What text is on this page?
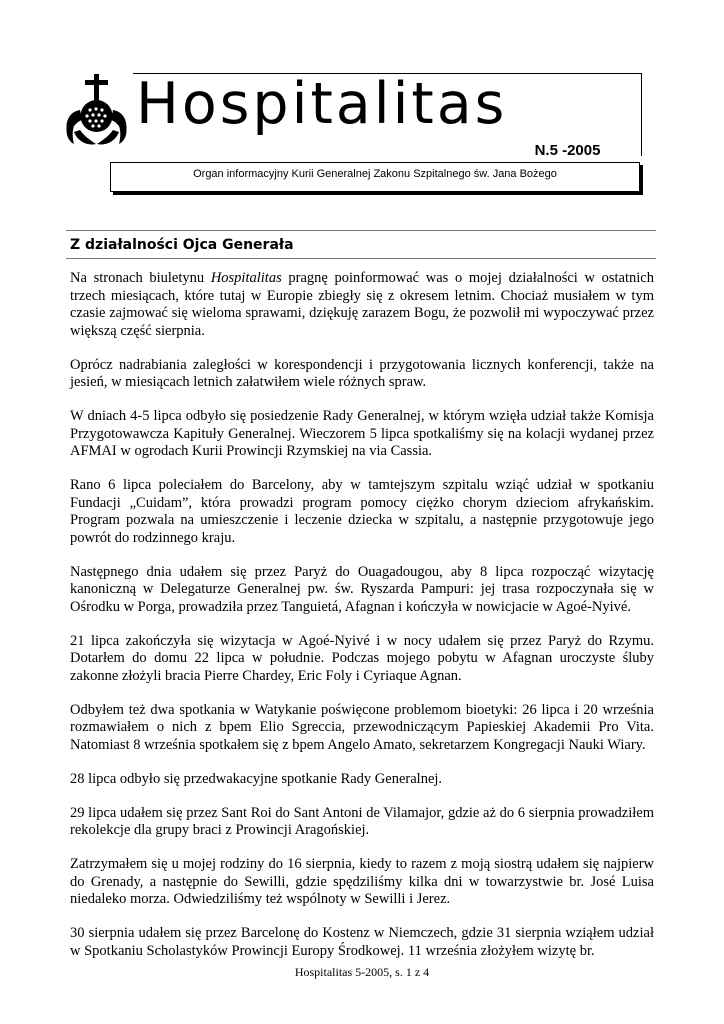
Hospitalitas
N.5 -2005
Organ informacyjny Kurii Generalnej Zakonu Szpitalnego św. Jana Bożego
Z działalności Ojca Generała

Na stronach biuletynu Hospitalitas pragnę poinformować was o mojej działalności w ostatnich trzech miesiącach, które tutaj w Europie zbiegły się z okresem letnim. Chociaż musiałem w tym czasie zajmować się wieloma sprawami, dziękuję zarazem Bogu, że pozwolił mi wypoczywać przez większą część sierpnia.

Oprócz nadrabiania zaległości w korespondencji i przygotowania licznych konferencji, także na jesień, w miesiącach letnich załatwiłem wiele różnych spraw.

W dniach 4-5 lipca odbyło się posiedzenie Rady Generalnej, w którym wzięła udział także Komisja Przygotowawcza Kapituły Generalnej. Wieczorem 5 lipca spotkaliśmy się na kolacji wydanej przez AFMAI w ogrodach Kurii Prowincji Rzymskiej na via Cassia.

Rano 6 lipca poleciałem do Barcelony, aby w tamtejszym szpitalu wziąć udział w spotkaniu Fundacji „Cuidam”, która prowadzi program pomocy ciężko chorym dzieciom afrykańskim. Program pozwala na umieszczenie i leczenie dziecka w szpitalu, a następnie przygotowuje jego powrót do rodzinnego kraju.

Następnego dnia udałem się przez Paryż do Ouagadougou, aby 8 lipca rozpocząć wizytację kanoniczną w Delegaturze Generalnej pw. św. Ryszarda Pampuri: jej trasa rozpoczynała się w Ośrodku w Porga, prowadziła przez Tanguietá, Afagnan i kończyła w nowicjacie w Agoé-Nyivé.

21 lipca zakończyła się wizytacja w Agoé-Nyivé i w nocy udałem się przez Paryż do Rzymu. Dotarłem do domu 22 lipca w południe. Podczas mojego pobytu w Afagnan uroczyste śluby zakonne złożyli bracia Pierre Chardey, Eric Foly i Cyriaque Agnan.

Odbyłem też dwa spotkania w Watykanie poświęcone problemom bioetyki: 26 lipca i 20 września rozmawiałem o nich z bpem Elio Sgreccia, przewodniczącym Papieskiej Akademii Pro Vita. Natomiast 8 września spotkałem się z bpem Angelo Amato, sekretarzem Kongregacji Nauki Wiary.

28 lipca odbyło się przedwakacyjne spotkanie Rady Generalnej.

29 lipca udałem się przez Sant Roi do Sant Antoni de Vilamajor, gdzie aż do 6 sierpnia prowadziłem rekolekcje dla grupy braci z Prowincji Aragońskiej.

Zatrzymałem się u mojej rodziny do 16 sierpnia, kiedy to razem z moją siostrą udałem się najpierw do Grenady, a następnie do Sewilli, gdzie spędziliśmy kilka dni w towarzystwie br. José Luisa niedaleko morza. Odwiedziliśmy też wspólnoty w Sewilli i Jerez.

30 sierpnia udałem się przez Barcelonę do Kostenz w Niemczech, gdzie 31 sierpnia wziąłem udział w Spotkaniu Scholastyków Prowincji Europy Środkowej. 11 września złożyłem wizytę br.

Hospitalitas 5-2005, s. 1 z 4
